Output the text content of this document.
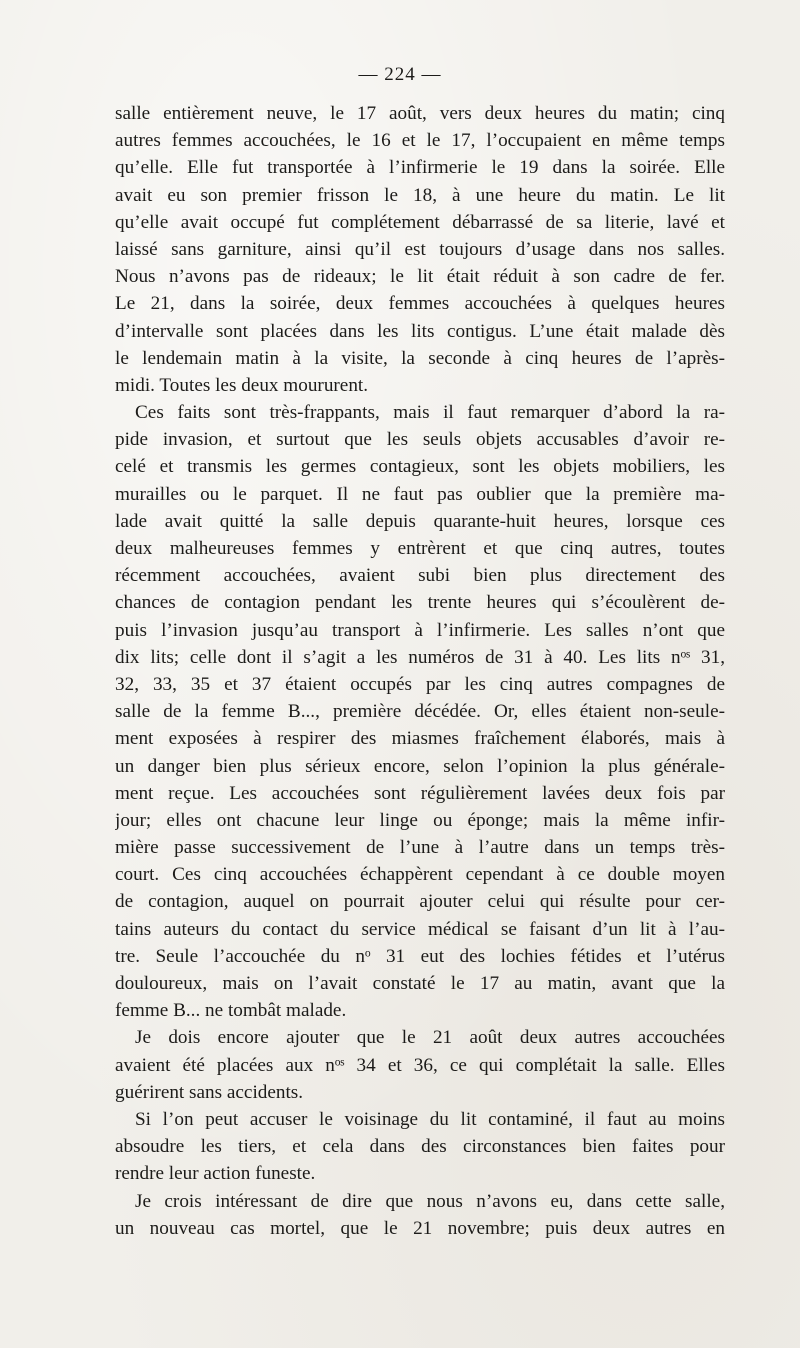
— 224 —
salle entièrement neuve, le 17 août, vers deux heures du matin; cinq
autres femmes accouchées, le 16 et le 17, l’occupaient en même temps
qu’elle. Elle fut transportée à l’infirmerie le 19 dans la soirée. Elle
avait eu son premier frisson le 18, à une heure du matin. Le lit
qu’elle avait occupé fut complétement débarrassé de sa literie, lavé et
laissé sans garniture, ainsi qu’il est toujours d’usage dans nos salles.
Nous n’avons pas de rideaux; le lit était réduit à son cadre de fer.
Le 21, dans la soirée, deux femmes accouchées à quelques heures
d’intervalle sont placées dans les lits contigus. L’une était malade dès
le lendemain matin à la visite, la seconde à cinq heures de l’après-
midi. Toutes les deux moururent.
Ces faits sont très-frappants, mais il faut remarquer d’abord la ra-
pide invasion, et surtout que les seuls objets accusables d’avoir re-
celé et transmis les germes contagieux, sont les objets mobiliers, les
murailles ou le parquet. Il ne faut pas oublier que la première ma-
lade avait quitté la salle depuis quarante-huit heures, lorsque ces
deux malheureuses femmes y entrèrent et que cinq autres, toutes
récemment accouchées, avaient subi bien plus directement des
chances de contagion pendant les trente heures qui s’écoulèrent de-
puis l’invasion jusqu’au transport à l’infirmerie. Les salles n’ont que
dix lits; celle dont il s’agit a les numéros de 31 à 40. Les lits nᵒˢ 31,
32, 33, 35 et 37 étaient occupés par les cinq autres compagnes de
salle de la femme B..., première décédée. Or, elles étaient non-seule-
ment exposées à respirer des miasmes fraîchement élaborés, mais à
un danger bien plus sérieux encore, selon l’opinion la plus générale-
ment reçue. Les accouchées sont régulièrement lavées deux fois par
jour; elles ont chacune leur linge ou éponge; mais la même infir-
mière passe successivement de l’une à l’autre dans un temps très-
court. Ces cinq accouchées échappèrent cependant à ce double moyen
de contagion, auquel on pourrait ajouter celui qui résulte pour cer-
tains auteurs du contact du service médical se faisant d’un lit à l’au-
tre. Seule l’accouchée du nᵒ 31 eut des lochies fétides et l’utérus
douloureux, mais on l’avait constaté le 17 au matin, avant que la
femme B... ne tombât malade.
Je dois encore ajouter que le 21 août deux autres accouchées
avaient été placées aux nᵒˢ 34 et 36, ce qui complétait la salle. Elles
guérirent sans accidents.
Si l’on peut accuser le voisinage du lit contaminé, il faut au moins
absoudre les tiers, et cela dans des circonstances bien faites pour
rendre leur action funeste.
Je crois intéressant de dire que nous n’avons eu, dans cette salle,
un nouveau cas mortel, que le 21 novembre; puis deux autres en
